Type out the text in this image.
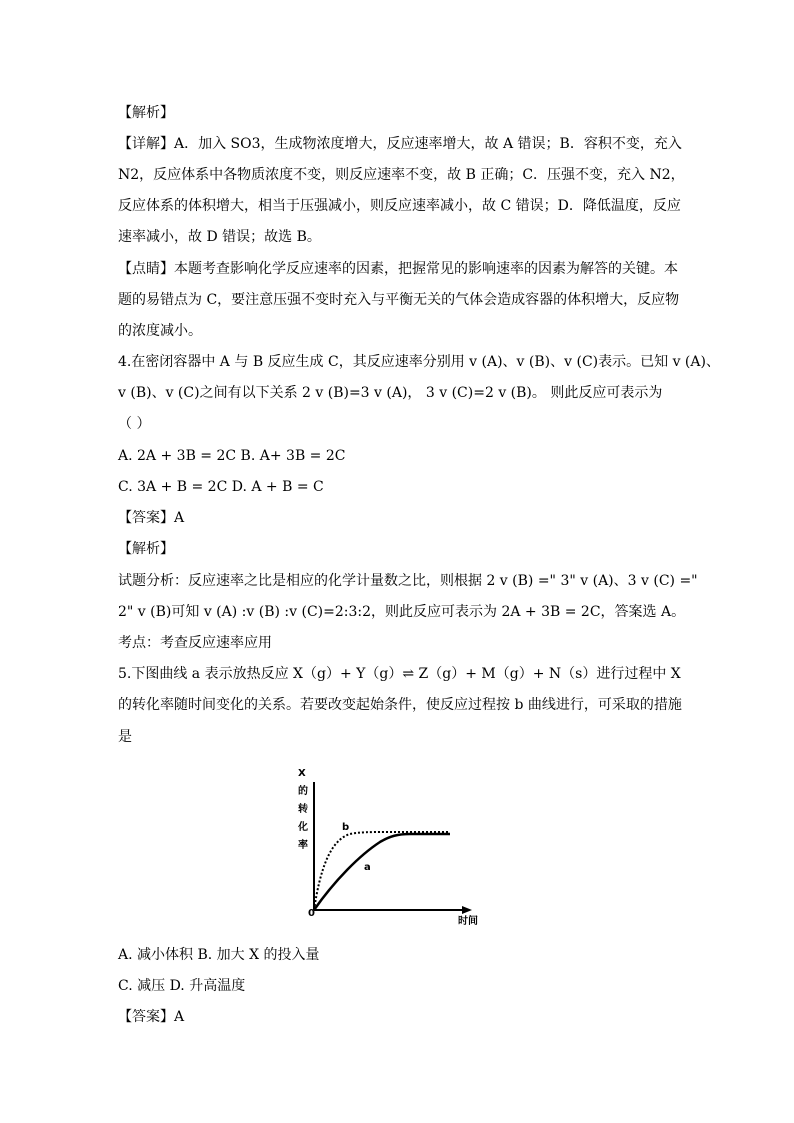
【解析】
【详解】A．加入 SO3，生成物浓度增大，反应速率增大，故 A 错误；B．容积不变，充入
N2，反应体系中各物质浓度不变，则反应速率不变，故 B 正确；C．压强不变，充入 N2，
反应体系的体积增大，相当于压强减小，则反应速率减小，故 C 错误；D．降低温度，反应
速率减小，故 D 错误；故选 B。
【点睛】本题考查影响化学反应速率的因素，把握常见的影响速率的因素为解答的关键。本
题的易错点为 C，要注意压强不变时充入与平衡无关的气体会造成容器的体积增大，反应物
的浓度减小。
4.在密闭容器中 A 与 B 反应生成 C，其反应速率分别用 v (A)、v (B)、v (C)表示。已知 v (A)、
v (B)、v (C)之间有以下关系 2 v (B)=3 v (A)， 3 v (C)=2 v (B)。 则此反应可表示为
（ ）
A. 2A + 3B = 2C B. A+ 3B = 2C
C. 3A + B = 2C D. A + B = C
【答案】A
【解析】
试题分析：反应速率之比是相应的化学计量数之比，则根据 2 v (B) =" 3" v (A)、3 v (C) ="
2" v (B)可知 v (A) :v (B) :v (C)=2:3:2，则此反应可表示为 2A + 3B = 2C，答案选 A。
考点：考查反应速率应用
5.下图曲线 a 表示放热反应 X（g）+ Y（g）⇌ Z（g）+ M（g）+ N（s）进行过程中 X
的转化率随时间变化的关系。若要改变起始条件，使反应过程按 b 曲线进行，可采取的措施
是
X
的
转
化
率
b
a
0
时间
A. 减小体积 B. 加大 X 的投入量
C. 减压 D. 升高温度
【答案】A
